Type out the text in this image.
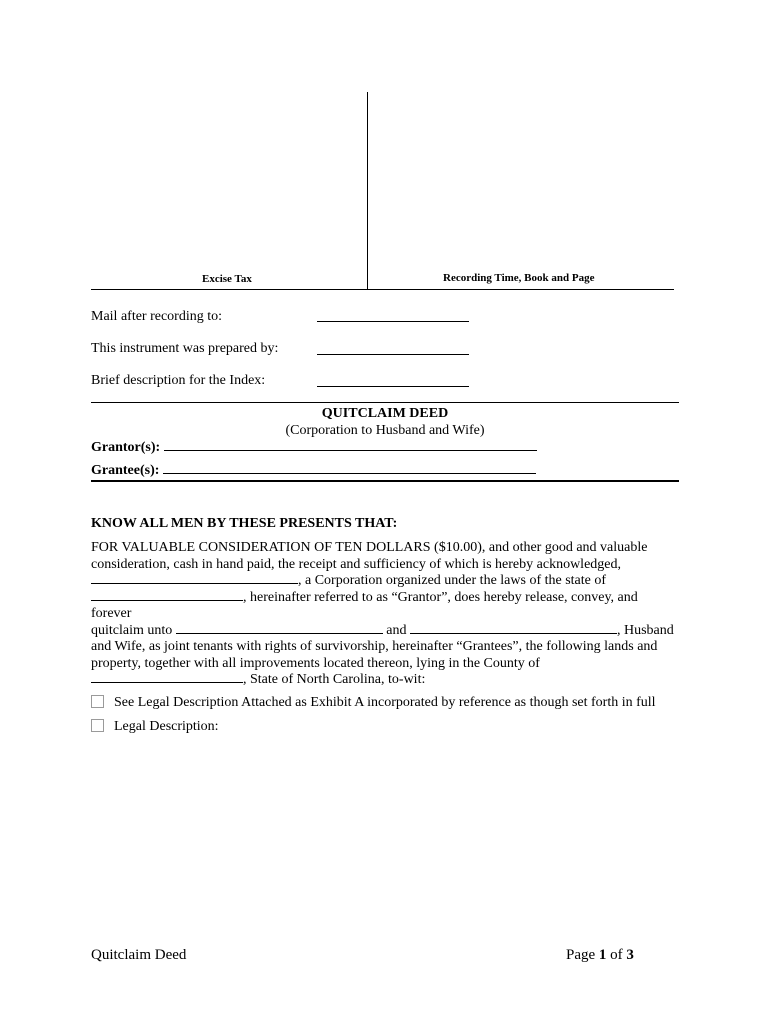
Excise Tax	Recording Time, Book and Page
Mail after recording to:
This instrument was prepared by:
Brief description for the Index:
QUITCLAIM DEED
(Corporation to Husband and Wife)
Grantor(s):
Grantee(s):
KNOW ALL MEN BY THESE PRESENTS THAT:

FOR VALUABLE CONSIDERATION OF TEN DOLLARS ($10.00), and other good and valuable

consideration, cash in hand paid, the receipt and sufficiency of which is hereby acknowledged,

, a Corporation organized under the laws of the state of

, hereinafter referred to as “Grantor”, does hereby release, convey, and forever

quitclaim unto	and	, Husband

and Wife, as joint tenants with rights of survivorship, hereinafter “Grantees”, the following lands and

property, together with all improvements located thereon, lying in the County of

, State of North Carolina, to-wit:

See Legal Description Attached as Exhibit A incorporated by reference as though set forth in full
Legal Description:
Quitclaim Deed	Page 1 of 3
